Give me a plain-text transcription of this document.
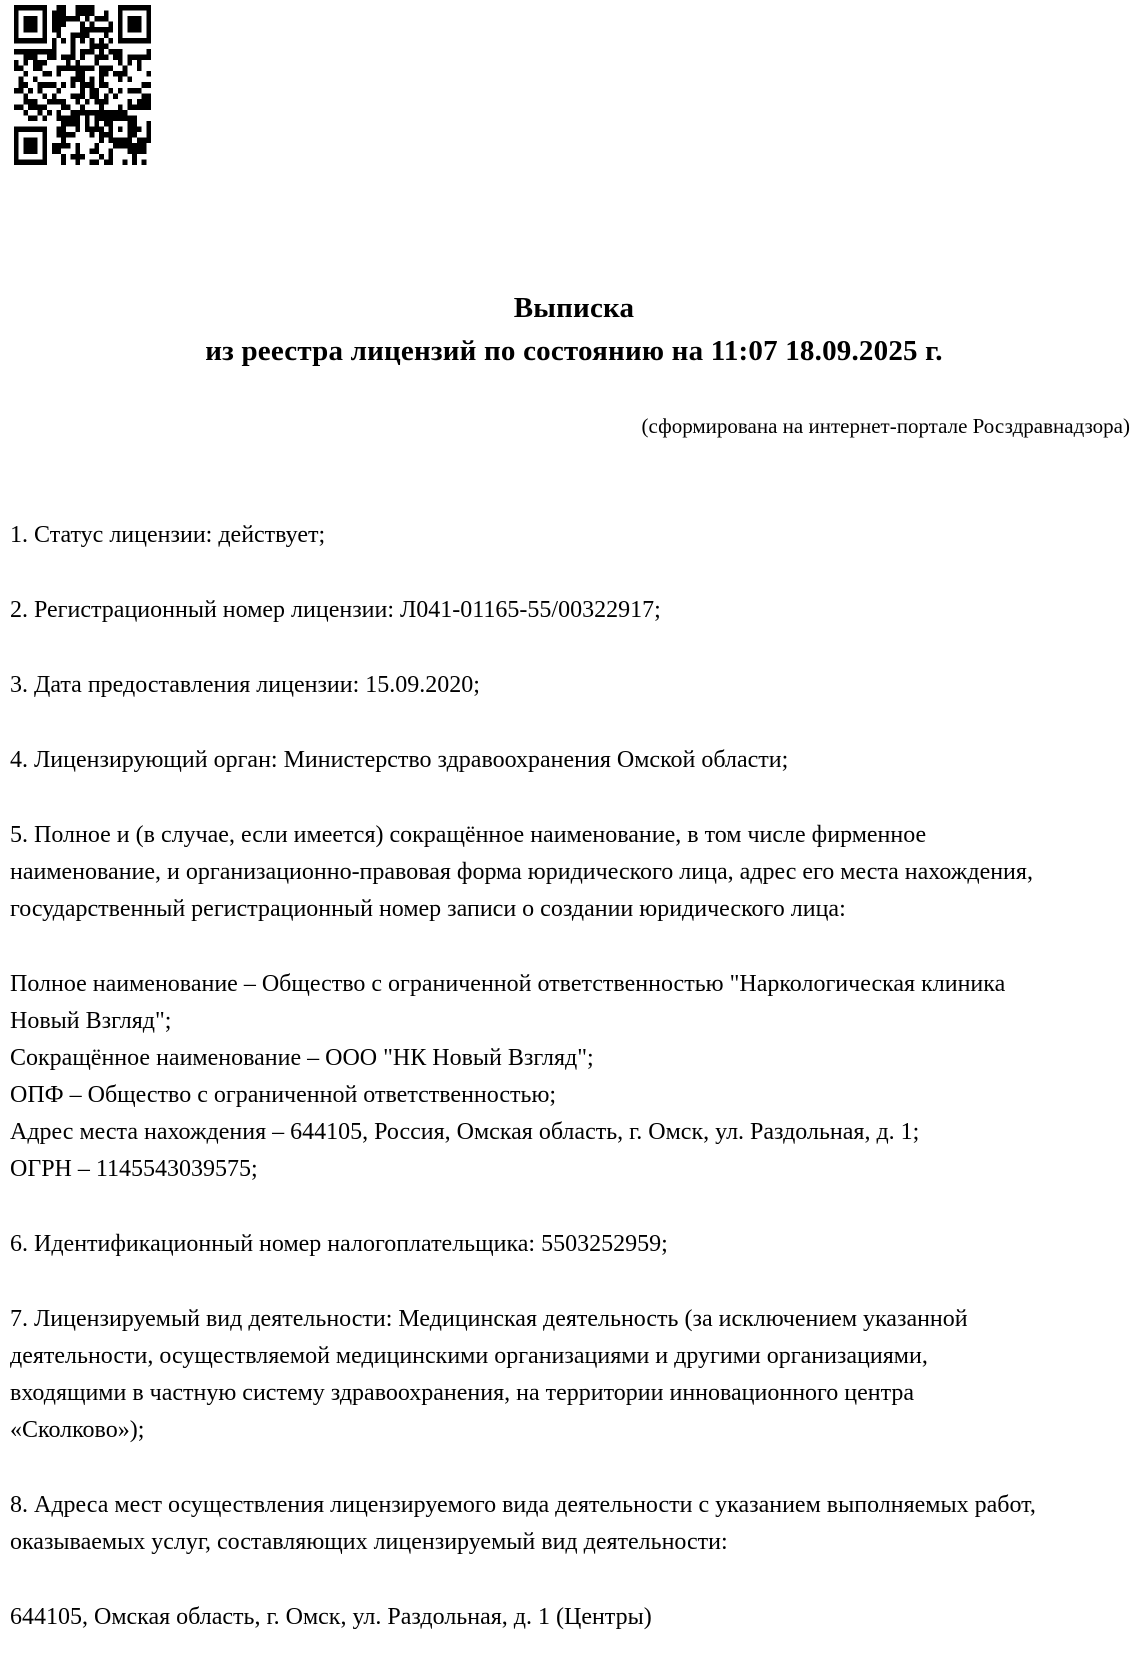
Выписка
из реестра лицензий по состоянию на 11:07 18.09.2025 г.
(сформирована на интернет-портале Росздравнадзора)
1. Статус лицензии: действует;
2. Регистрационный номер лицензии: Л041-01165-55/00322917;
3. Дата предоставления лицензии: 15.09.2020;
4. Лицензирующий орган: Министерство здравоохранения Омской области;
5. Полное и (в случае, если имеется) сокращённое наименование, в том числе фирменное наименование, и организационно-правовая форма юридического лица, адрес его места нахождения, государственный регистрационный номер записи о создании юридического лица:
Полное наименование – Общество с ограниченной ответственностью "Наркологическая клиника Новый Взгляд";
Сокращённое наименование – ООО "НК Новый Взгляд";
ОПФ – Общество с ограниченной ответственностью;
Адрес места нахождения – 644105, Россия, Омская область, г. Омск, ул. Раздольная, д. 1;
ОГРН – 1145543039575;
6. Идентификационный номер налогоплательщика: 5503252959;
7. Лицензируемый вид деятельности: Медицинская деятельность (за исключением указанной деятельности, осуществляемой медицинскими организациями и другими организациями, входящими в частную систему здравоохранения, на территории инновационного центра «Сколково»);
8. Адреса мест осуществления лицензируемого вида деятельности с указанием выполняемых работ, оказываемых услуг, составляющих лицензируемый вид деятельности:
644105, Омская область, г. Омск, ул. Раздольная, д. 1 (Центры)
